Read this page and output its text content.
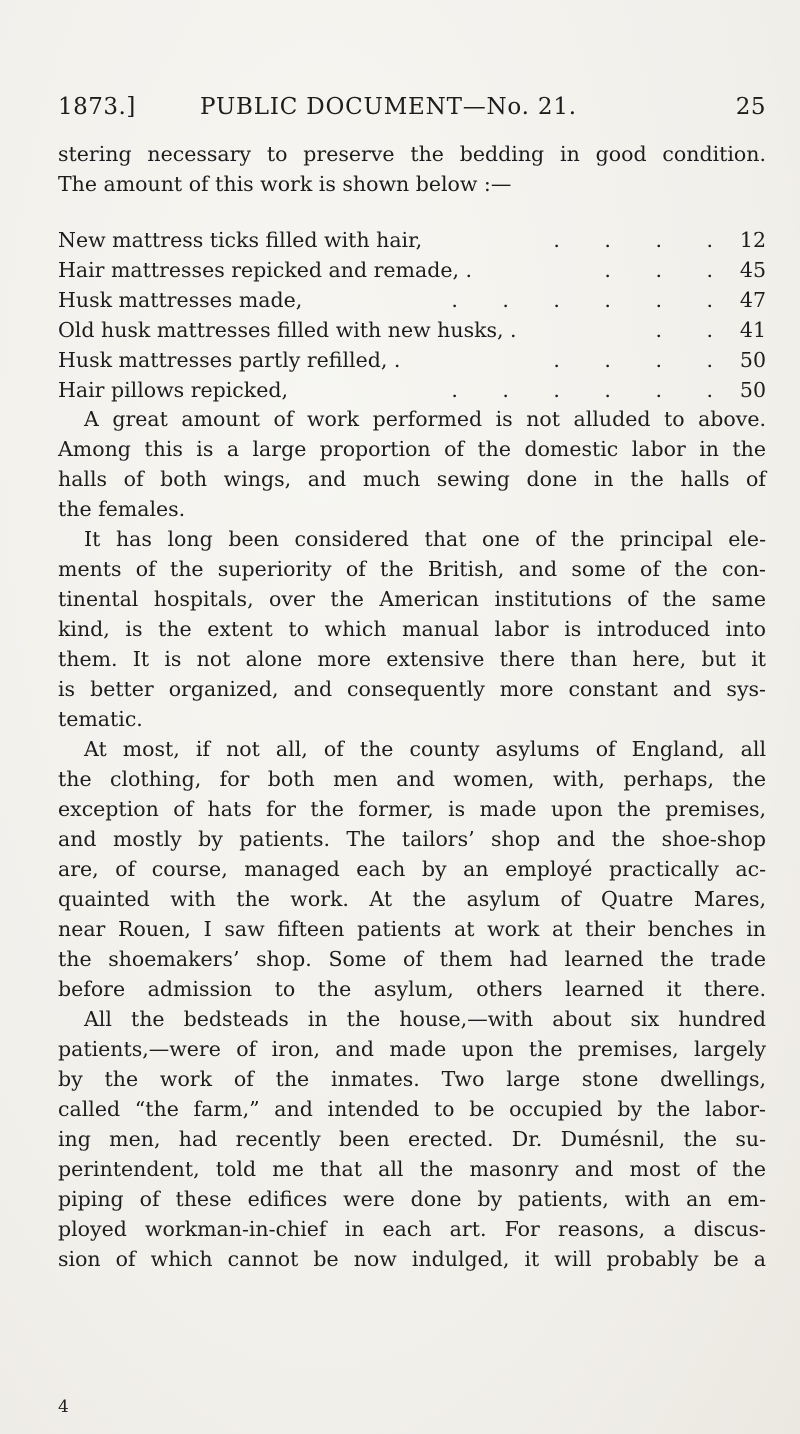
1873.]	PUBLIC DOCUMENT—No. 21.	25
stering necessary to preserve the bedding in good condition.
The amount of this work is shown below :—
New mattress ticks filled with hair,	. . . . 12
Hair mattresses repicked and remade, .	. . . 45
Husk mattresses made,	. . . . . . 47
Old husk mattresses filled with new husks, .	. . 41
Husk mattresses partly refilled, .	. . . . 50
Hair pillows repicked,	. . . . . . 50
A great amount of work performed is not alluded to above.
Among this is a large proportion of the domestic labor in the
halls of both wings, and much sewing done in the halls of
the females.
It has long been considered that one of the principal ele-
ments of the superiority of the British, and some of the con-
tinental hospitals, over the American institutions of the same
kind, is the extent to which manual labor is introduced into
them. It is not alone more extensive there than here, but it
is better organized, and consequently more constant and sys-
tematic.
At most, if not all, of the county asylums of England, all
the clothing, for both men and women, with, perhaps, the
exception of hats for the former, is made upon the premises,
and mostly by patients. The tailors’ shop and the shoe-shop
are, of course, managed each by an employé practically ac-
quainted with the work. At the asylum of Quatre Mares,
near Rouen, I saw fifteen patients at work at their benches in
the shoemakers’ shop. Some of them had learned the trade
before admission to the asylum, others learned it there.
All the bedsteads in the house,—with about six hundred
patients,—were of iron, and made upon the premises, largely
by the work of the inmates. Two large stone dwellings,
called “the farm,” and intended to be occupied by the labor-
ing men, had recently been erected. Dr. Dumésnil, the su-
perintendent, told me that all the masonry and most of the
piping of these edifices were done by patients, with an em-
ployed workman-in-chief in each art. For reasons, a discus-
sion of which cannot be now indulged, it will probably be a
4
